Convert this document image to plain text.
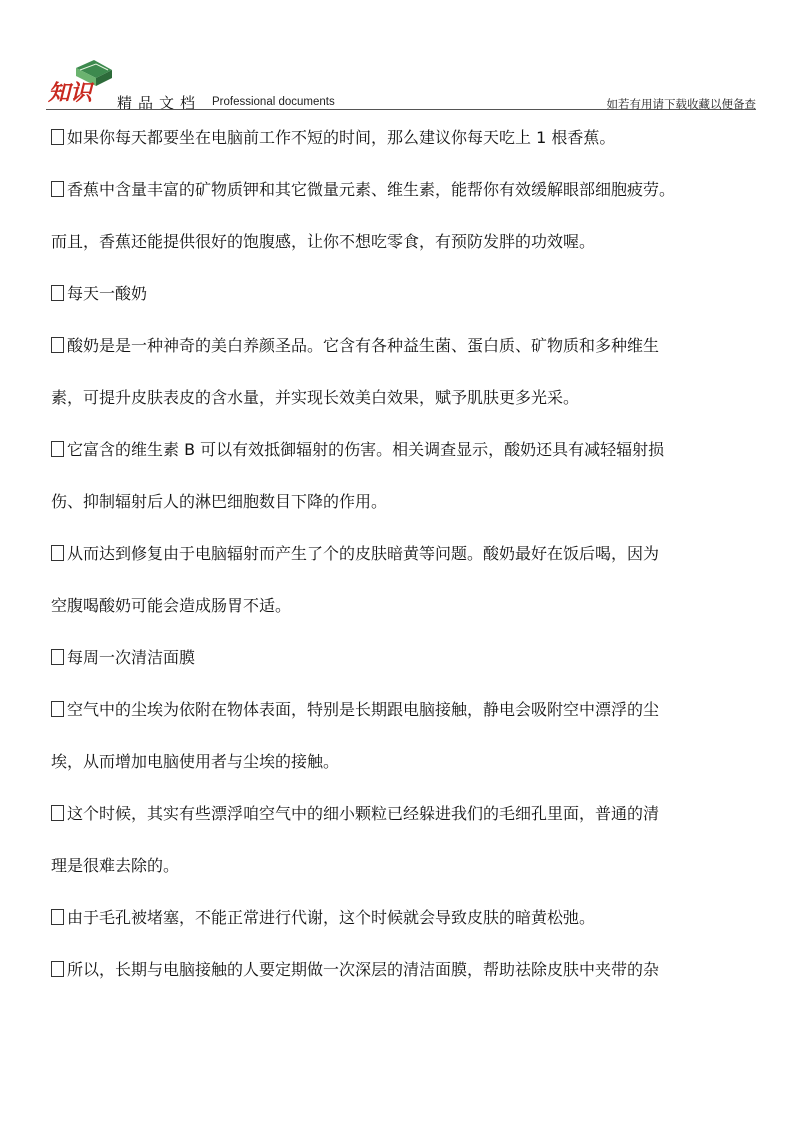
知识 精品文档 Professional documents	如若有用请下载收藏以便备查
如果你每天都要坐在电脑前工作不短的时间，那么建议你每天吃上 1 根香蕉。
香蕉中含量丰富的矿物质钾和其它微量元素、维生素，能帮你有效缓解眼部细胞疲劳。
而且，香蕉还能提供很好的饱腹感，让你不想吃零食，有预防发胖的功效喔。
每天一酸奶
酸奶是是一种神奇的美白养颜圣品。它含有各种益生菌、蛋白质、矿物质和多种维生
素，可提升皮肤表皮的含水量，并实现长效美白效果，赋予肌肤更多光采。
它富含的维生素 B 可以有效抵御辐射的伤害。相关调查显示，酸奶还具有减轻辐射损
伤、抑制辐射后人的淋巴细胞数目下降的作用。
从而达到修复由于电脑辐射而产生了个的皮肤暗黄等问题。酸奶最好在饭后喝，因为
空腹喝酸奶可能会造成肠胃不适。
每周一次清洁面膜
空气中的尘埃为依附在物体表面，特别是长期跟电脑接触，静电会吸附空中漂浮的尘
埃，从而增加电脑使用者与尘埃的接触。
这个时候，其实有些漂浮咱空气中的细小颗粒已经躲进我们的毛细孔里面，普通的清
理是很难去除的。
由于毛孔被堵塞，不能正常进行代谢，这个时候就会导致皮肤的暗黄松弛。
所以，长期与电脑接触的人要定期做一次深层的清洁面膜，帮助祛除皮肤中夹带的杂
